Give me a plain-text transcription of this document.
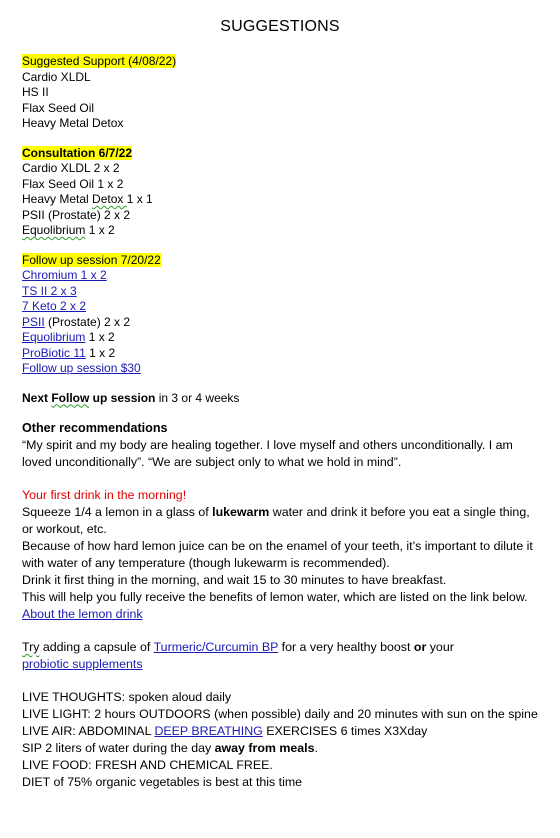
SUGGESTIONS
Suggested Support (4/08/22)
Cardio XLDL
HS II
Flax Seed Oil
Heavy Metal Detox
Consultation 6/7/22
Cardio XLDL 2 x 2
Flax Seed Oil 1 x 2
Heavy Metal Detox 1 x 1
PSII (Prostate) 2 x 2
Equolibrium 1 x 2
Follow up session 7/20/22
Chromium 1 x 2
TS II 2 x 3
7 Keto 2 x 2
PSII (Prostate) 2 x 2
Equolibrium 1 x 2
ProBiotic 11 1 x 2
Follow up session $30
Next Follow up session in 3 or 4 weeks
Other recommendations
“My spirit and my body are healing together. I love myself and others unconditionally. I am loved unconditionally”. “We are subject only to what we hold in mind”.
Your first drink in the morning!
Squeeze 1/4 a lemon in a glass of lukewarm water and drink it before you eat a single thing, or workout, etc.
Because of how hard lemon juice can be on the enamel of your teeth, it’s important to dilute it with water of any temperature (though lukewarm is recommended).
Drink it first thing in the morning, and wait 15 to 30 minutes to have breakfast.
This will help you fully receive the benefits of lemon water, which are listed on the link below. About the lemon drink
Try adding a capsule of Turmeric/Curcumin BP for a very healthy boost or your
probiotic supplements
LIVE THOUGHTS: spoken aloud daily
LIVE LIGHT: 2 hours OUTDOORS (when possible) daily and 20 minutes with sun on the spine
LIVE AIR: ABDOMINAL DEEP BREATHING EXERCISES 6 times X3Xday
SIP 2 liters of water during the day away from meals.
LIVE FOOD: FRESH AND CHEMICAL FREE.
DIET of 75% organic vegetables is best at this time
